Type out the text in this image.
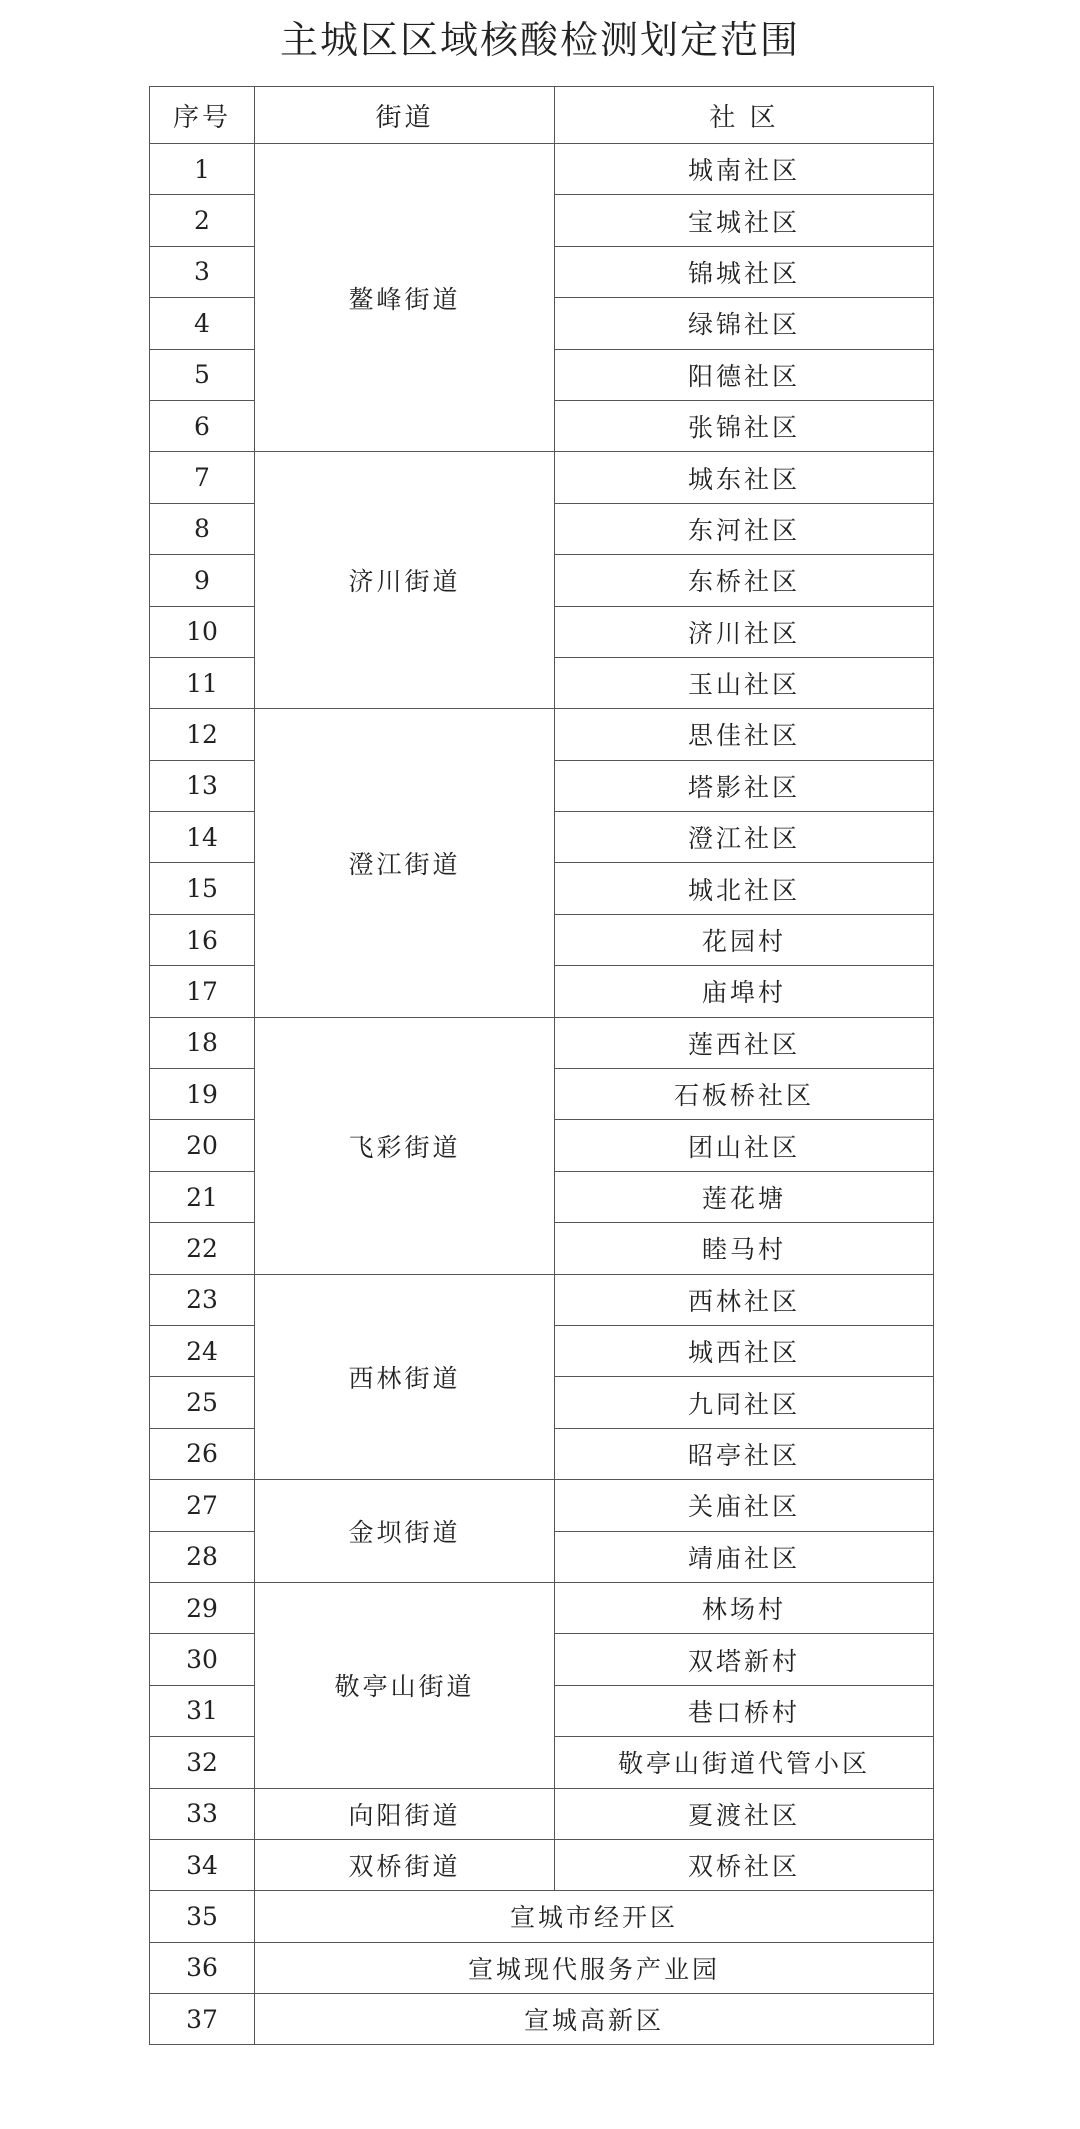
主城区区域核酸检测划定范围
序号	街道	社 区
1	鳌峰街道	城南社区
2		宝城社区
3		锦城社区
4		绿锦社区
5		阳德社区
6		张锦社区
7	济川街道	城东社区
8		东河社区
9		东桥社区
10		济川社区
11		玉山社区
12	澄江街道	思佳社区
13		塔影社区
14		澄江社区
15		城北社区
16		花园村
17		庙埠村
18	飞彩街道	莲西社区
19		石板桥社区
20		团山社区
21		莲花塘
22		睦马村
23	西林街道	西林社区
24		城西社区
25		九同社区
26		昭亭社区
27	金坝街道	关庙社区
28		靖庙社区
29	敬亭山街道	林场村
30		双塔新村
31		巷口桥村
32		敬亭山街道代管小区
33	向阳街道	夏渡社区
34	双桥街道	双桥社区
35	宣城市经开区	
36	宣城现代服务产业园	
37	宣城高新区	
